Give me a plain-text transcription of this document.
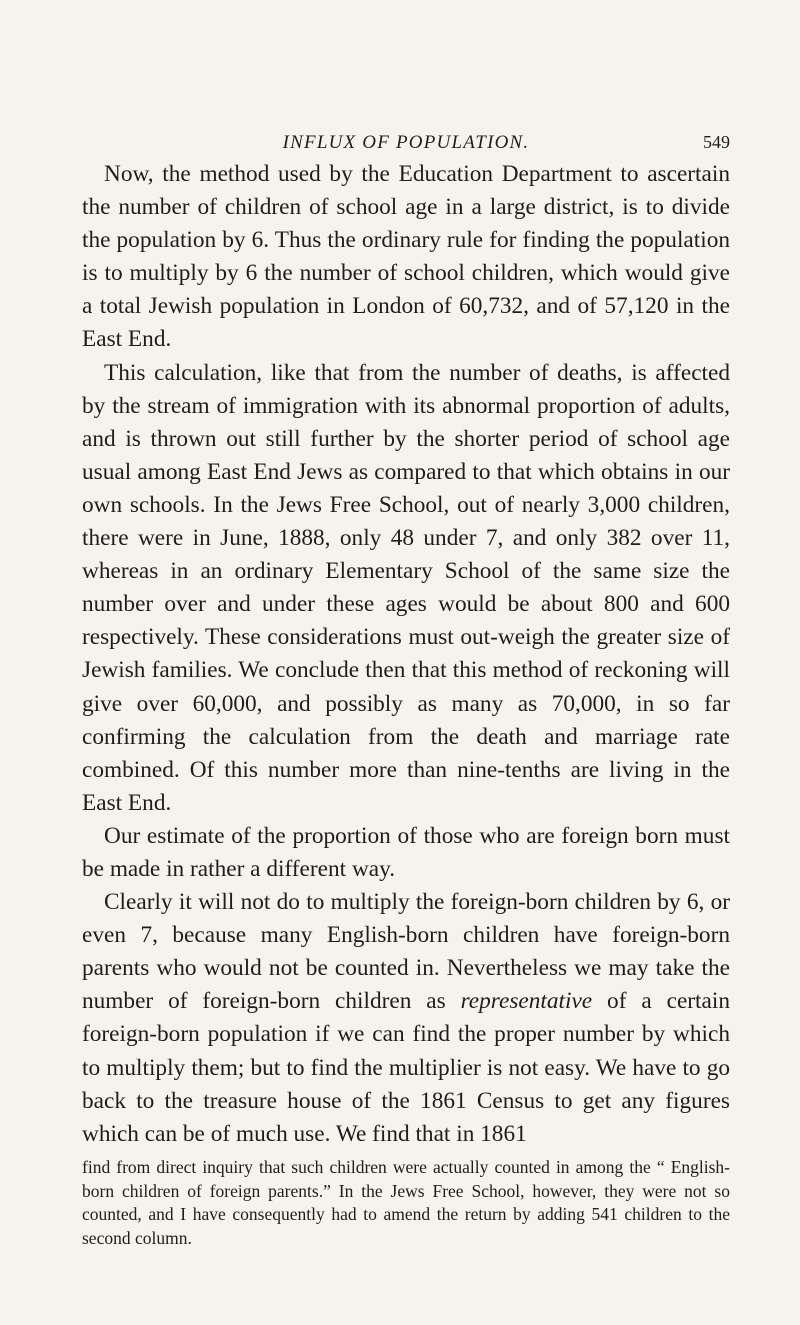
INFLUX OF POPULATION.	549

Now, the method used by the Education Department to ascertain the number of children of school age in a large district, is to divide the population by 6. Thus the ordinary rule for finding the population is to multiply by 6 the number of school children, which would give a total Jewish population in London of 60,732, and of 57,120 in the East End.

This calculation, like that from the number of deaths, is affected by the stream of immigration with its abnormal proportion of adults, and is thrown out still further by the shorter period of school age usual among East End Jews as compared to that which obtains in our own schools. In the Jews Free School, out of nearly 3,000 children, there were in June, 1888, only 48 under 7, and only 382 over 11, whereas in an ordinary Elementary School of the same size the number over and under these ages would be about 800 and 600 respectively. These considerations must out-weigh the greater size of Jewish families. We conclude then that this method of reckoning will give over 60,000, and possibly as many as 70,000, in so far confirming the calculation from the death and marriage rate combined. Of this number more than nine-tenths are living in the East End.

Our estimate of the proportion of those who are foreign born must be made in rather a different way.

Clearly it will not do to multiply the foreign-born children by 6, or even 7, because many English-born children have foreign-born parents who would not be counted in. Nevertheless we may take the number of foreign-born children as representative of a certain foreign-born population if we can find the proper number by which to multiply them; but to find the multiplier is not easy. We have to go back to the treasure house of the 1861 Census to get any figures which can be of much use. We find that in 1861

find from direct inquiry that such children were actually counted in among the “ English-born children of foreign parents.” In the Jews Free School, however, they were not so counted, and I have consequently had to amend the return by adding 541 children to the second column.
